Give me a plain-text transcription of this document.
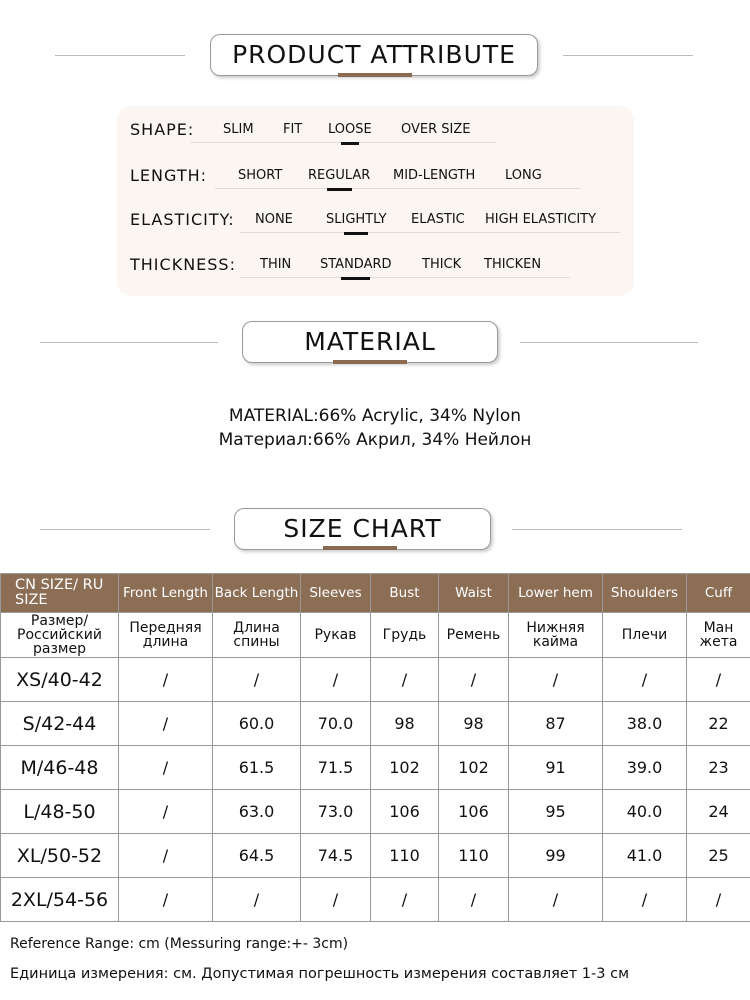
PRODUCT ATTRIBUTE
SHAPE: SLIM FIT LOOSE OVER SIZE
LENGTH: SHORT REGULAR MID-LENGTH LONG
ELASTICITY: NONE	SLIGHTLY ELASTIC HIGH ELASTICITY
THICKNESS: THIN STANDARD THICK THICKEN
MATERIAL
MATERIAL:66% Acrylic, 34% Nylon
Материал:66% Акрил, 34% Нейлон
SIZE CHART
CN SIZE/ RU SIZE	Front Length	Back Length	Sleeves	Bust	Waist	Lower hem	Shoulders	Cuff
Размер/ Российский размер	Передняя длина	Длина спины	Рукав	Грудь	Ремень	Нижняя кайма	Плечи	Ман жета
XS/40-42	/	/	/	/	/	/	/	/
S/42-44	/	60.0	70.0	98	98	87	38.0	22
M/46-48	/	61.5	71.5	102	102	91	39.0	23
L/48-50	/	63.0	73.0	106	106	95	40.0	24
XL/50-52	/	64.5	74.5	110	110	99	41.0	25
2XL/54-56	/	/	/	/	/	/	/	/
Reference Range: cm (Messuring range:+- 3cm)
Единица измерения: см. Допустимая погрешность измерения составляет 1-3 см
